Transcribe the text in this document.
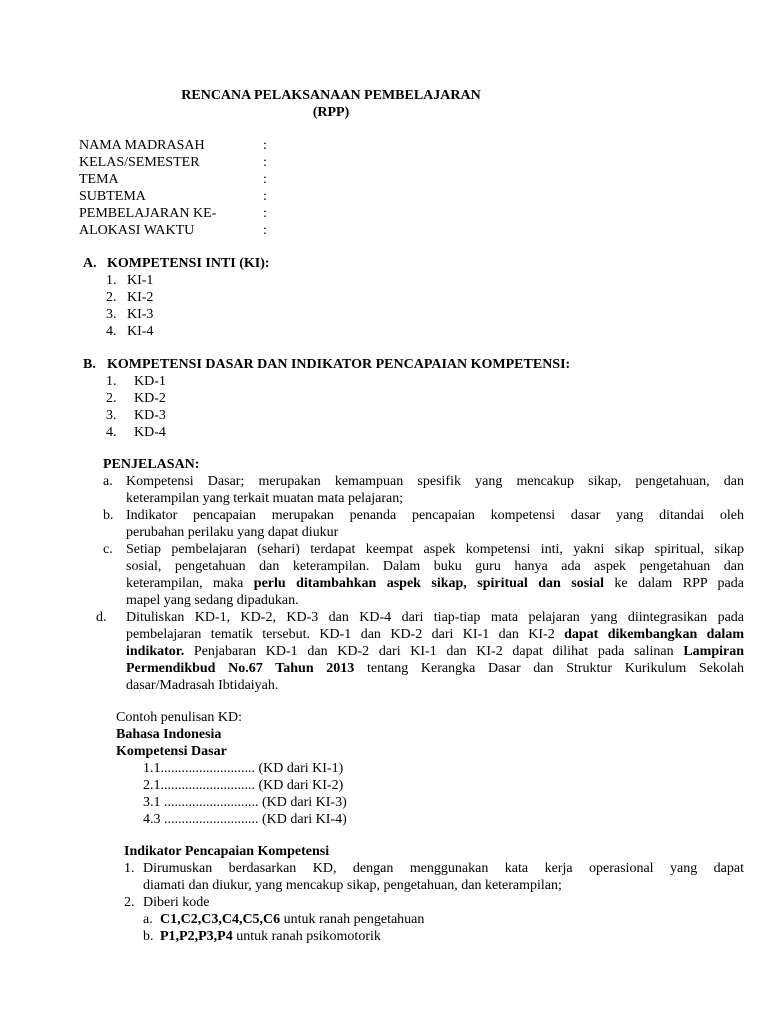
RENCANA PELAKSANAAN PEMBELAJARAN
(RPP)
NAMA MADRASAH	:
KELAS/SEMESTER	:
TEMA	:
SUBTEMA	:
PEMBELAJARAN KE-	:
ALOKASI WAKTU	:
A. KOMPETENSI INTI (KI):
1. KI-1
2. KI-2
3. KI-3
4. KI-4
B. KOMPETENSI DASAR DAN INDIKATOR PENCAPAIAN KOMPETENSI:
1. KD-1
2. KD-2
3. KD-3
4. KD-4
PENJELASAN:
a. Kompetensi Dasar; merupakan kemampuan spesifik yang mencakup sikap, pengetahuan, dan
keterampilan yang terkait muatan mata pelajaran;
b. Indikator pencapaian merupakan penanda pencapaian kompetensi dasar yang ditandai oleh
perubahan perilaku yang dapat diukur
c. Setiap pembelajaran (sehari) terdapat keempat aspek kompetensi inti, yakni sikap spiritual, sikap
sosial, pengetahuan dan keterampilan. Dalam buku guru hanya ada aspek pengetahuan dan
keterampilan, maka perlu ditambahkan aspek sikap, spiritual dan sosial ke dalam RPP pada
mapel yang sedang dipadukan.
d. Dituliskan KD-1, KD-2, KD-3 dan KD-4 dari tiap-tiap mata pelajaran yang diintegrasikan pada
pembelajaran tematik tersebut. KD-1 dan KD-2 dari KI-1 dan KI-2 dapat dikembangkan dalam
indikator. Penjabaran KD-1 dan KD-2 dari KI-1 dan KI-2 dapat dilihat pada salinan Lampiran
Permendikbud No.67 Tahun 2013 tentang Kerangka Dasar dan Struktur Kurikulum Sekolah
dasar/Madrasah Ibtidaiyah.
Contoh penulisan KD:
Bahasa Indonesia
Kompetensi Dasar
1.1........................... (KD dari KI-1)
2.1........................... (KD dari KI-2)
3.1 ........................... (KD dari KI-3)
4.3 ........................... (KD dari KI-4)
Indikator Pencapaian Kompetensi
1. Dirumuskan berdasarkan KD, dengan menggunakan kata kerja operasional yang dapat
diamati dan diukur, yang mencakup sikap, pengetahuan, dan keterampilan;
2. Diberi kode
a. C1,C2,C3,C4,C5,C6 untuk ranah pengetahuan
b. P1,P2,P3,P4 untuk ranah psikomotorik
